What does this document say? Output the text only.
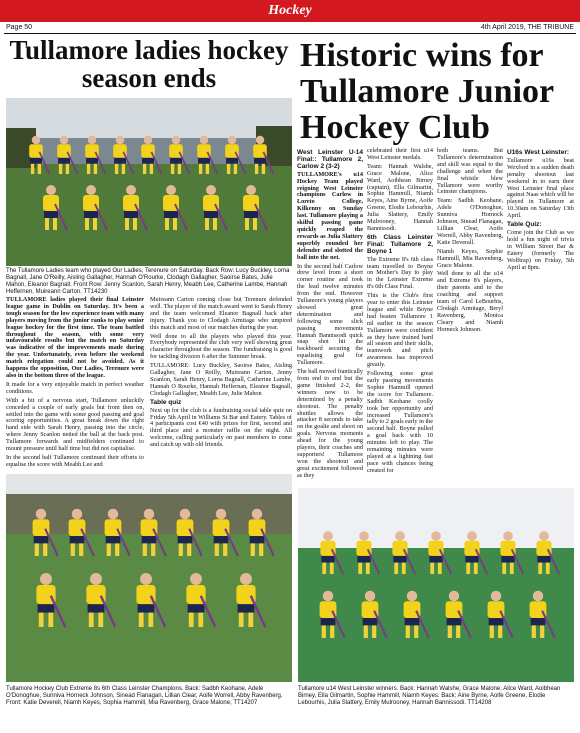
Hockey
Page 50	4th April 2019, THE TRIBUNE
Tullamore ladies hockey season ends
The Tullamore Ladies team who played Our Ladies, Terenure on Saturday. Back Row: Lucy Buckley, Lorna Bagnall, Jane O'Reilly, Aisling Gallagher, Hannah O'Rourke, Clodagh Gallagher, Saoirse Bates, Julie Mahon, Eleanor Bagnall. Front Row: Jenny Scanlon, Sarah Henry, Meabh Lee, Catherine Lambe, Hannah Heffernen, Muireann Carton. TT14230

TULLAMORE ladies played their final Leinster league game in Dublin on Saturday. It's been a tough season for the low experience team with many players moving from the junior ranks to play senior league hockey for the first time. The team battled throughout the season, with some very unfavourable results but the match on Saturday was indicative of the improvements made during the year. Unfortunately, even before the weekend match relegation could not be avoided. As it happens the opposition, Our Ladies, Terenure were also in the bottom three of the league.

It made for a very enjoyable match in perfect weather conditions.

With a bit of a nervous start, Tullamore unluckily conceded a couple of early goals but from then on, settled into the game with some good passing and goal scoring opportunities. A great break down the right hand side with Sarah Henry, passing into the circle, where Jenny Scanlon netted the ball at the back post. Tullamore forwards and midfielders continued to mount pressure until half time but did not capitalise.

In the second half Tullamore continued their efforts to equalise the score with Meabh Lee and

Muireann Carton coming close but Terenure defended well. The player of the match award went to Sarah Henry and the team welcomed Eleanor Bagnall back after injury. Thank you to Clodagh Armitage who umpired this match and most of our matches during the year.

Well done to all the players who played this year. Everybody represented the club very well showing great character throughout the season. The fundraising is good for tackling division 6 after the Summer break.

TULLAMORE: Lucy Buckley, Saoirse Bates, Aisling Gallagher, Jane O Reilly, Muireann Carton, Jenny Scanlon, Sarah Henry, Lorna Bagnall, Catherine Lambe, Hannah O Rourke, Hannah Heffernan, Eleanor Bagnall, Clodagh Gallagher, Meabh Lee, Julie Mahon

Table quiz

Next up for the club is a fundraising social table quiz on Friday 5th April in Williams St Bar and Eatery. Tables of 4 participants cost €40 with prizes for first, second and third place and a monster raffle on the night. All welcome, calling particularly on past members to come and catch up with old friends.

Historic wins for Tullamore Junior Hockey Club
West Leinster U-14 Final:: Tullamore 2, Carlow 2 (3-2)

TULLAMORE's u14 Hockey Team played reigning West Leinster champions Carlow in Loreto College, Kilkenny on Sunday last. Tullamore playing a skilful passing game quickly reaped the rewards as Julia Slattery superbly rounded her defender and slotted the ball into the net.

In the second half Carlow drew level from a short corner routine and took the lead twelve minutes from the end. However Tullamore's young players showed great determination and following some slick passing movements Hannah Bannissodi quick snap shot hit the backboard securing the equalising goal for Tullamore.

The ball moved frantically from end to end but the game finished 2-2, the winners now to be determined by a penalty shootout. The penalty shuttles allows the attacker 8 seconds to take on the goalie and shoot on goals. Nervous moments ahead for the young players, their coaches and supporters! Tullamore won the shootout and great excitement followed as they

celebrated their first u14 West Leinster medals.

Team: Hannah Walshe, Grace Malone, Alice Ward, Aoibhean Birney (captain), Ella Gilmartin, Sophie Hammill, Niamh Keyes, Aine Byrne, Aoife Greene, Elodie Lebourhis, Julia Slattery, Emily Mulrooney, Hannah Bannissodi.

6th Class Leinster Final: Tullamore 2, Boyne 1

The Extreme 8's 6th class team travelled to Boyne on Mother's Day to play in the Leinster Extreme 8's 6th Class Final.

This is the Club's first year to enter this Leinster league and while Boyne had beaten Tullamore 1 nil earlier in the season Tullamore were confident as they have trained hard all season and their skills, teamwork and pitch awareness has improved greatly.

Following some great early passing movements Sophie Hammill opened the score for Tullamore. Sadbh Keohane coolly took her opportunity and increased Tullamore's tally to 2 goals early in the second half. Boyne pulled a goal back with 10 minutes left to play. The remaining minutes were played at a lightning fast pace with chances being created for

both teams. But Tullamore's determination and skill was equal to the challenge and when the final whistle blew Tullamore were worthy Leinster champions.

Team: Sadbh Keohane, Adele O'Donoghue, Sunniva Hornock Johnson, Sinead Flanagan, Lillian Clear, Aoife Worrell, Abby Ravenberg, Katie Deverall.

Niamh Keyes, Sophie Hammill, Mia Ravenberg, Grace Malone.

Well done to all the u14 and Extreme 8's players, their parents and to the coaching and support team of Carol LeBourhis, Clodagh Armitage, Beryl Ravenberg, Monica Cleary and Niamh Horneck Johnson.

U16s West Leinster:

Tullamore u16s beat Wexford in a sudden death penalty shootout last weekend in to earn their West Leinster final place against Naas which will be played in Tullamore at 10.30am on Saturday 13th April.

Table Quiz:

Come join the Club as we hold a fun night of trivia in William Street Bar & Eatery (formerly The Wolftrap) on Friday, 5th April at 8pm.

Tullamore Hockey Club Extreme 8s 6th Class Leinster Champions. Back: Sadbh Keohane, Adele O'Donoghue, Sunniva Horneck Johnson, Sinead Flanagan, Lillian Clear, Aoife Worrell, Abby Ravenberg. Front: Katie Deverell, Niamh Keyes, Sophia Hammill, Mia Ravenberg, Grace Malone, TT14207
Tullamore u14 West Leinster winners. Back: Hannah Walshe, Grace Malone, Alice Ward, Aoibhean Birney, Ella Gilmartin, Sophie Hammill, Niamh Keyes. Back: Aine Byrne, Aoife Greene, Elodie Lebourhis, Julia Slattery, Emily Mulrooney, Hannah Bannissodi. TT14208
